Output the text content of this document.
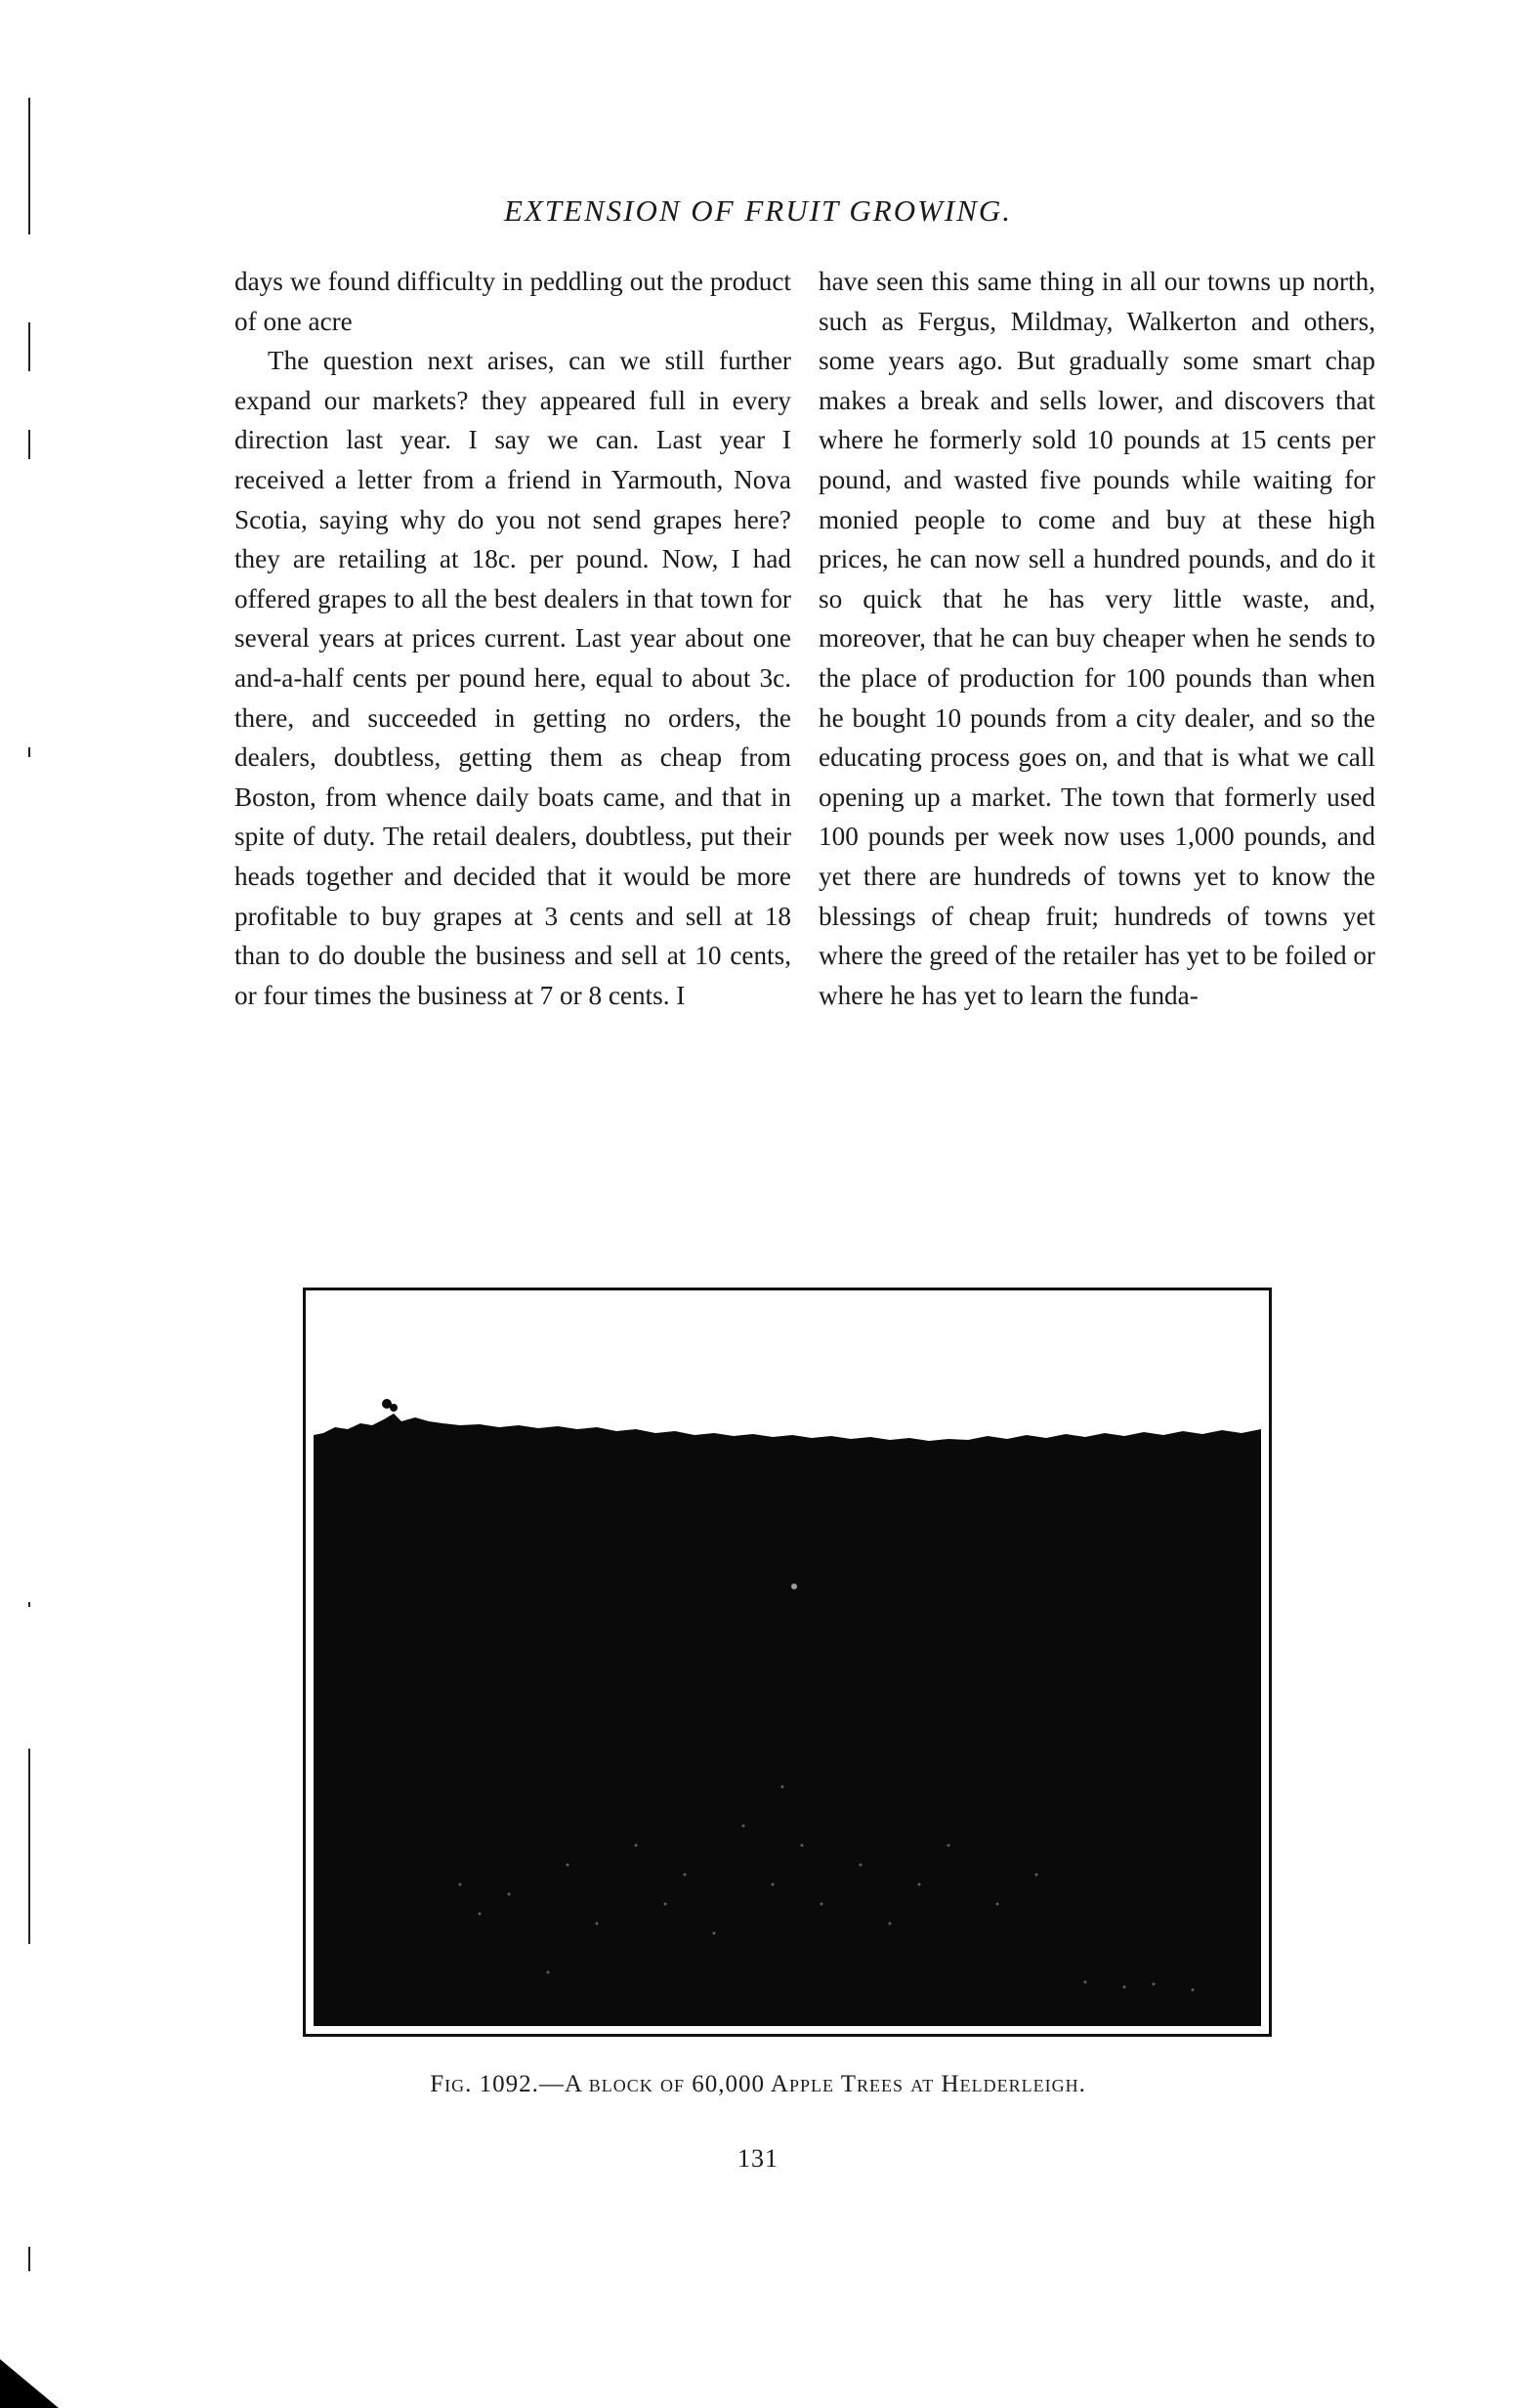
EXTENSION OF FRUIT GROWING.

days we found difficulty in peddling out the product of one acre

The question next arises, can we still further expand our markets? they appeared full in every direction last year. I say we can. Last year I received a letter from a friend in Yarmouth, Nova Scotia, saying why do you not send grapes here? they are retailing at 18c. per pound. Now, I had offered grapes to all the best dealers in that town for several years at prices current. Last year about one and-a-half cents per pound here, equal to about 3c. there, and succeeded in getting no orders, the dealers, doubtless, getting them as cheap from Boston, from whence daily boats came, and that in spite of duty. The retail dealers, doubtless, put their heads together and decided that it would be more profitable to buy grapes at 3 cents and sell at 18 than to do double the business and sell at 10 cents, or four times the business at 7 or 8 cents. I

have seen this same thing in all our towns up north, such as Fergus, Mildmay, Walkerton and others, some years ago. But gradually some smart chap makes a break and sells lower, and discovers that where he formerly sold 10 pounds at 15 cents per pound, and wasted five pounds while waiting for monied people to come and buy at these high prices, he can now sell a hundred pounds, and do it so quick that he has very little waste, and, moreover, that he can buy cheaper when he sends to the place of production for 100 pounds than when he bought 10 pounds from a city dealer, and so the educating process goes on, and that is what we call opening up a market. The town that formerly used 100 pounds per week now uses 1,000 pounds, and yet there are hundreds of towns yet to know the blessings of cheap fruit; hundreds of towns yet where the greed of the retailer has yet to be foiled or where he has yet to learn the funda-

Fig. 1092.—A block of 60,000 Apple Trees at Helderleigh.
131
